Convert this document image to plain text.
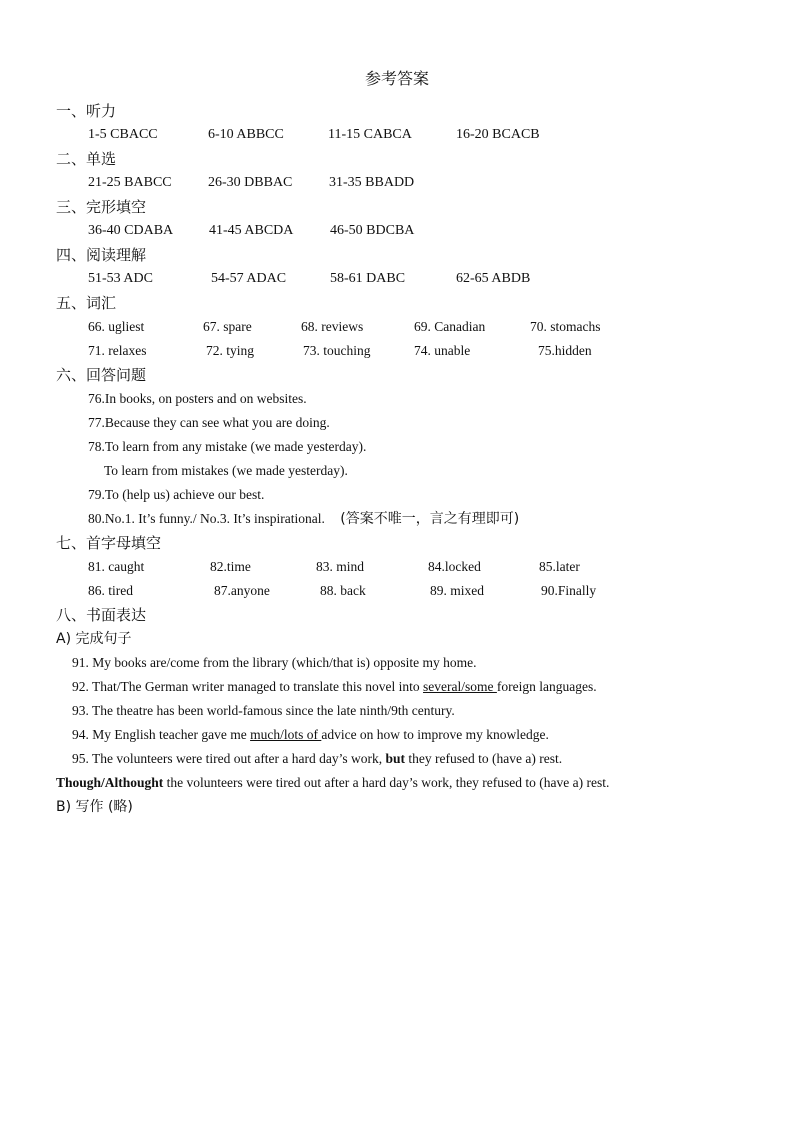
参考答案
一、听力
1-5 CBACC	6-10 ABBCC	11-15 CABCA	16-20 BCACB
二、单选
21-25 BABCC	26-30 DBBAC	31-35 BBADD
三、完形填空
36-40 CDABA	41-45 ABCDA	46-50 BDCBA
四、阅读理解
51-53 ADC	54-57 ADAC	58-61 DABC	62-65 ABDB
五、词汇
66. ugliest	67. spare	68. reviews	69. Canadian	70. stomachs
71. relaxes	72. tying	73. touching	74. unable	75.hidden
六、回答问题
76.In books, on posters and on websites.
77.Because they can see what you are doing.
78.To learn from any mistake (we made yesterday).
To learn from mistakes (we made yesterday).
79.To (help us) achieve our best.
80.No.1. It’s funny./ No.3. It’s inspirational. (答案不唯一，言之有理即可)
七、首字母填空
81. caught	82.time	83. mind	84.locked	85.later
86. tired	87.anyone	88. back	89. mixed	90.Finally
八、书面表达
A) 完成句子
91. My books are/come from the library (which/that is) opposite my home.
92. That/The German writer managed to translate this novel into several/some foreign languages.
93. The theatre has been world-famous since the late ninth/9th century.
94. My English teacher gave me much/lots of advice on how to improve my knowledge.
95. The volunteers were tired out after a hard day’s work, but they refused to (have a) rest.
Though/Althought the volunteers were tired out after a hard day’s work, they refused to (have a) rest.
B) 写作 (略)
